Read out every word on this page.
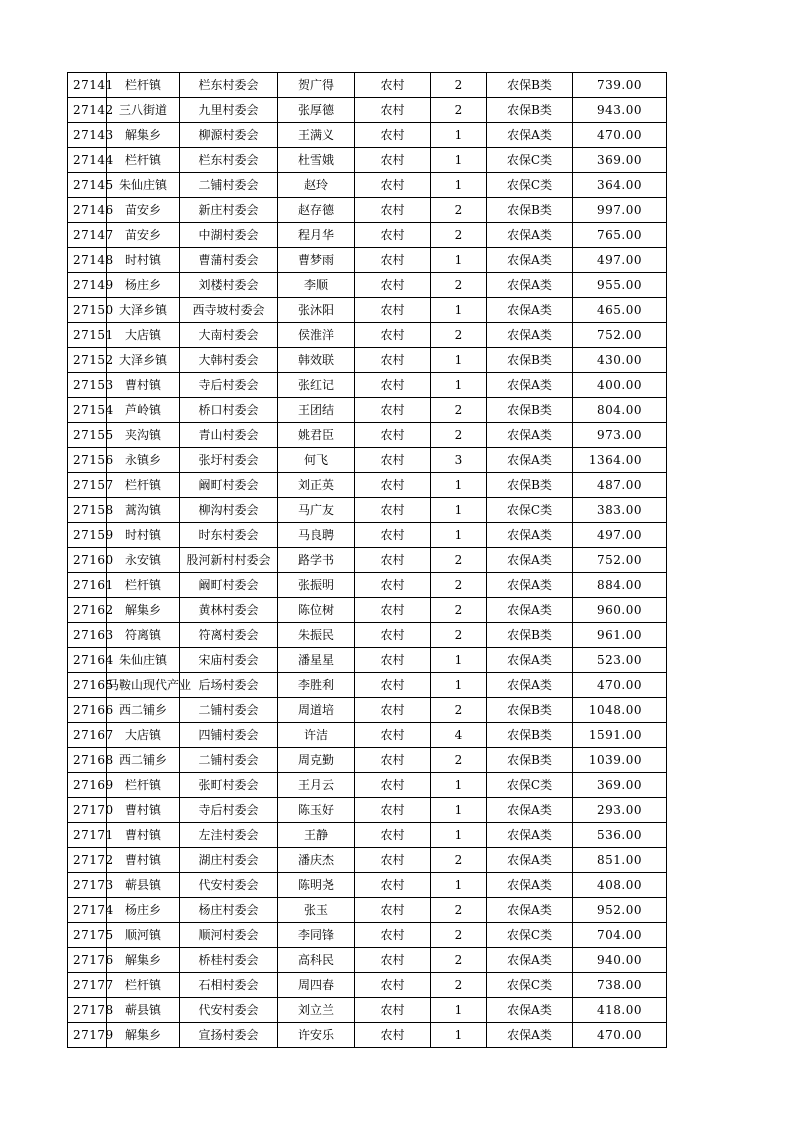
27141	栏杆镇	栏东村委会	贺广得	农村	2	农保B类	739.00
27142	三八街道	九里村委会	张厚德	农村	2	农保B类	943.00
27143	解集乡	柳源村委会	王满义	农村	1	农保A类	470.00
27144	栏杆镇	栏东村委会	杜雪娥	农村	1	农保C类	369.00
27145	朱仙庄镇	二铺村委会	赵玲	农村	1	农保C类	364.00
27146	苗安乡	新庄村委会	赵存德	农村	2	农保B类	997.00
27147	苗安乡	中湖村委会	程月华	农村	2	农保A类	765.00
27148	时村镇	曹蒲村委会	曹梦雨	农村	1	农保A类	497.00
27149	杨庄乡	刘楼村委会	李顺	农村	2	农保A类	955.00
27150	大泽乡镇	西寺坡村委会	张沐阳	农村	1	农保A类	465.00
27151	大店镇	大南村委会	侯淮洋	农村	2	农保A类	752.00
27152	大泽乡镇	大韩村委会	韩效联	农村	1	农保B类	430.00
27153	曹村镇	寺后村委会	张红记	农村	1	农保A类	400.00
27154	芦岭镇	桥口村委会	王团结	农村	2	农保B类	804.00
27155	夹沟镇	青山村委会	姚君臣	农村	2	农保A类	973.00
27156	永镇乡	张圩村委会	何飞	农村	3	农保A类	1364.00
27157	栏杆镇	阚町村委会	刘正英	农村	1	农保B类	487.00
27158	蒿沟镇	柳沟村委会	马广友	农村	1	农保C类	383.00
27159	时村镇	时东村委会	马良聘	农村	1	农保A类	497.00
27160	永安镇	股河新村村委会	路学书	农村	2	农保A类	752.00
27161	栏杆镇	阚町村委会	张振明	农村	2	农保A类	884.00
27162	解集乡	黄林村委会	陈位树	农村	2	农保A类	960.00
27163	符离镇	符离村委会	朱振民	农村	2	农保B类	961.00
27164	朱仙庄镇	宋庙村委会	潘星星	农村	1	农保A类	523.00
27165	马鞍山现代产业	后场村委会	李胜利	农村	1	农保A类	470.00
27166	西二铺乡	二铺村委会	周道培	农村	2	农保B类	1048.00
27167	大店镇	四铺村委会	许洁	农村	4	农保B类	1591.00
27168	西二铺乡	二铺村委会	周克勤	农村	2	农保B类	1039.00
27169	栏杆镇	张町村委会	王月云	农村	1	农保C类	369.00
27170	曹村镇	寺后村委会	陈玉好	农村	1	农保A类	293.00
27171	曹村镇	左洼村委会	王静	农村	1	农保A类	536.00
27172	曹村镇	湖庄村委会	潘庆杰	农村	2	农保A类	851.00
27173	蕲县镇	代安村委会	陈明尧	农村	1	农保A类	408.00
27174	杨庄乡	杨庄村委会	张玉	农村	2	农保A类	952.00
27175	顺河镇	顺河村委会	李同锋	农村	2	农保C类	704.00
27176	解集乡	桥桂村委会	高科民	农村	2	农保A类	940.00
27177	栏杆镇	石相村委会	周四春	农村	2	农保C类	738.00
27178	蕲县镇	代安村委会	刘立兰	农村	1	农保A类	418.00
27179	解集乡	宣扬村委会	许安乐	农村	1	农保A类	470.00
